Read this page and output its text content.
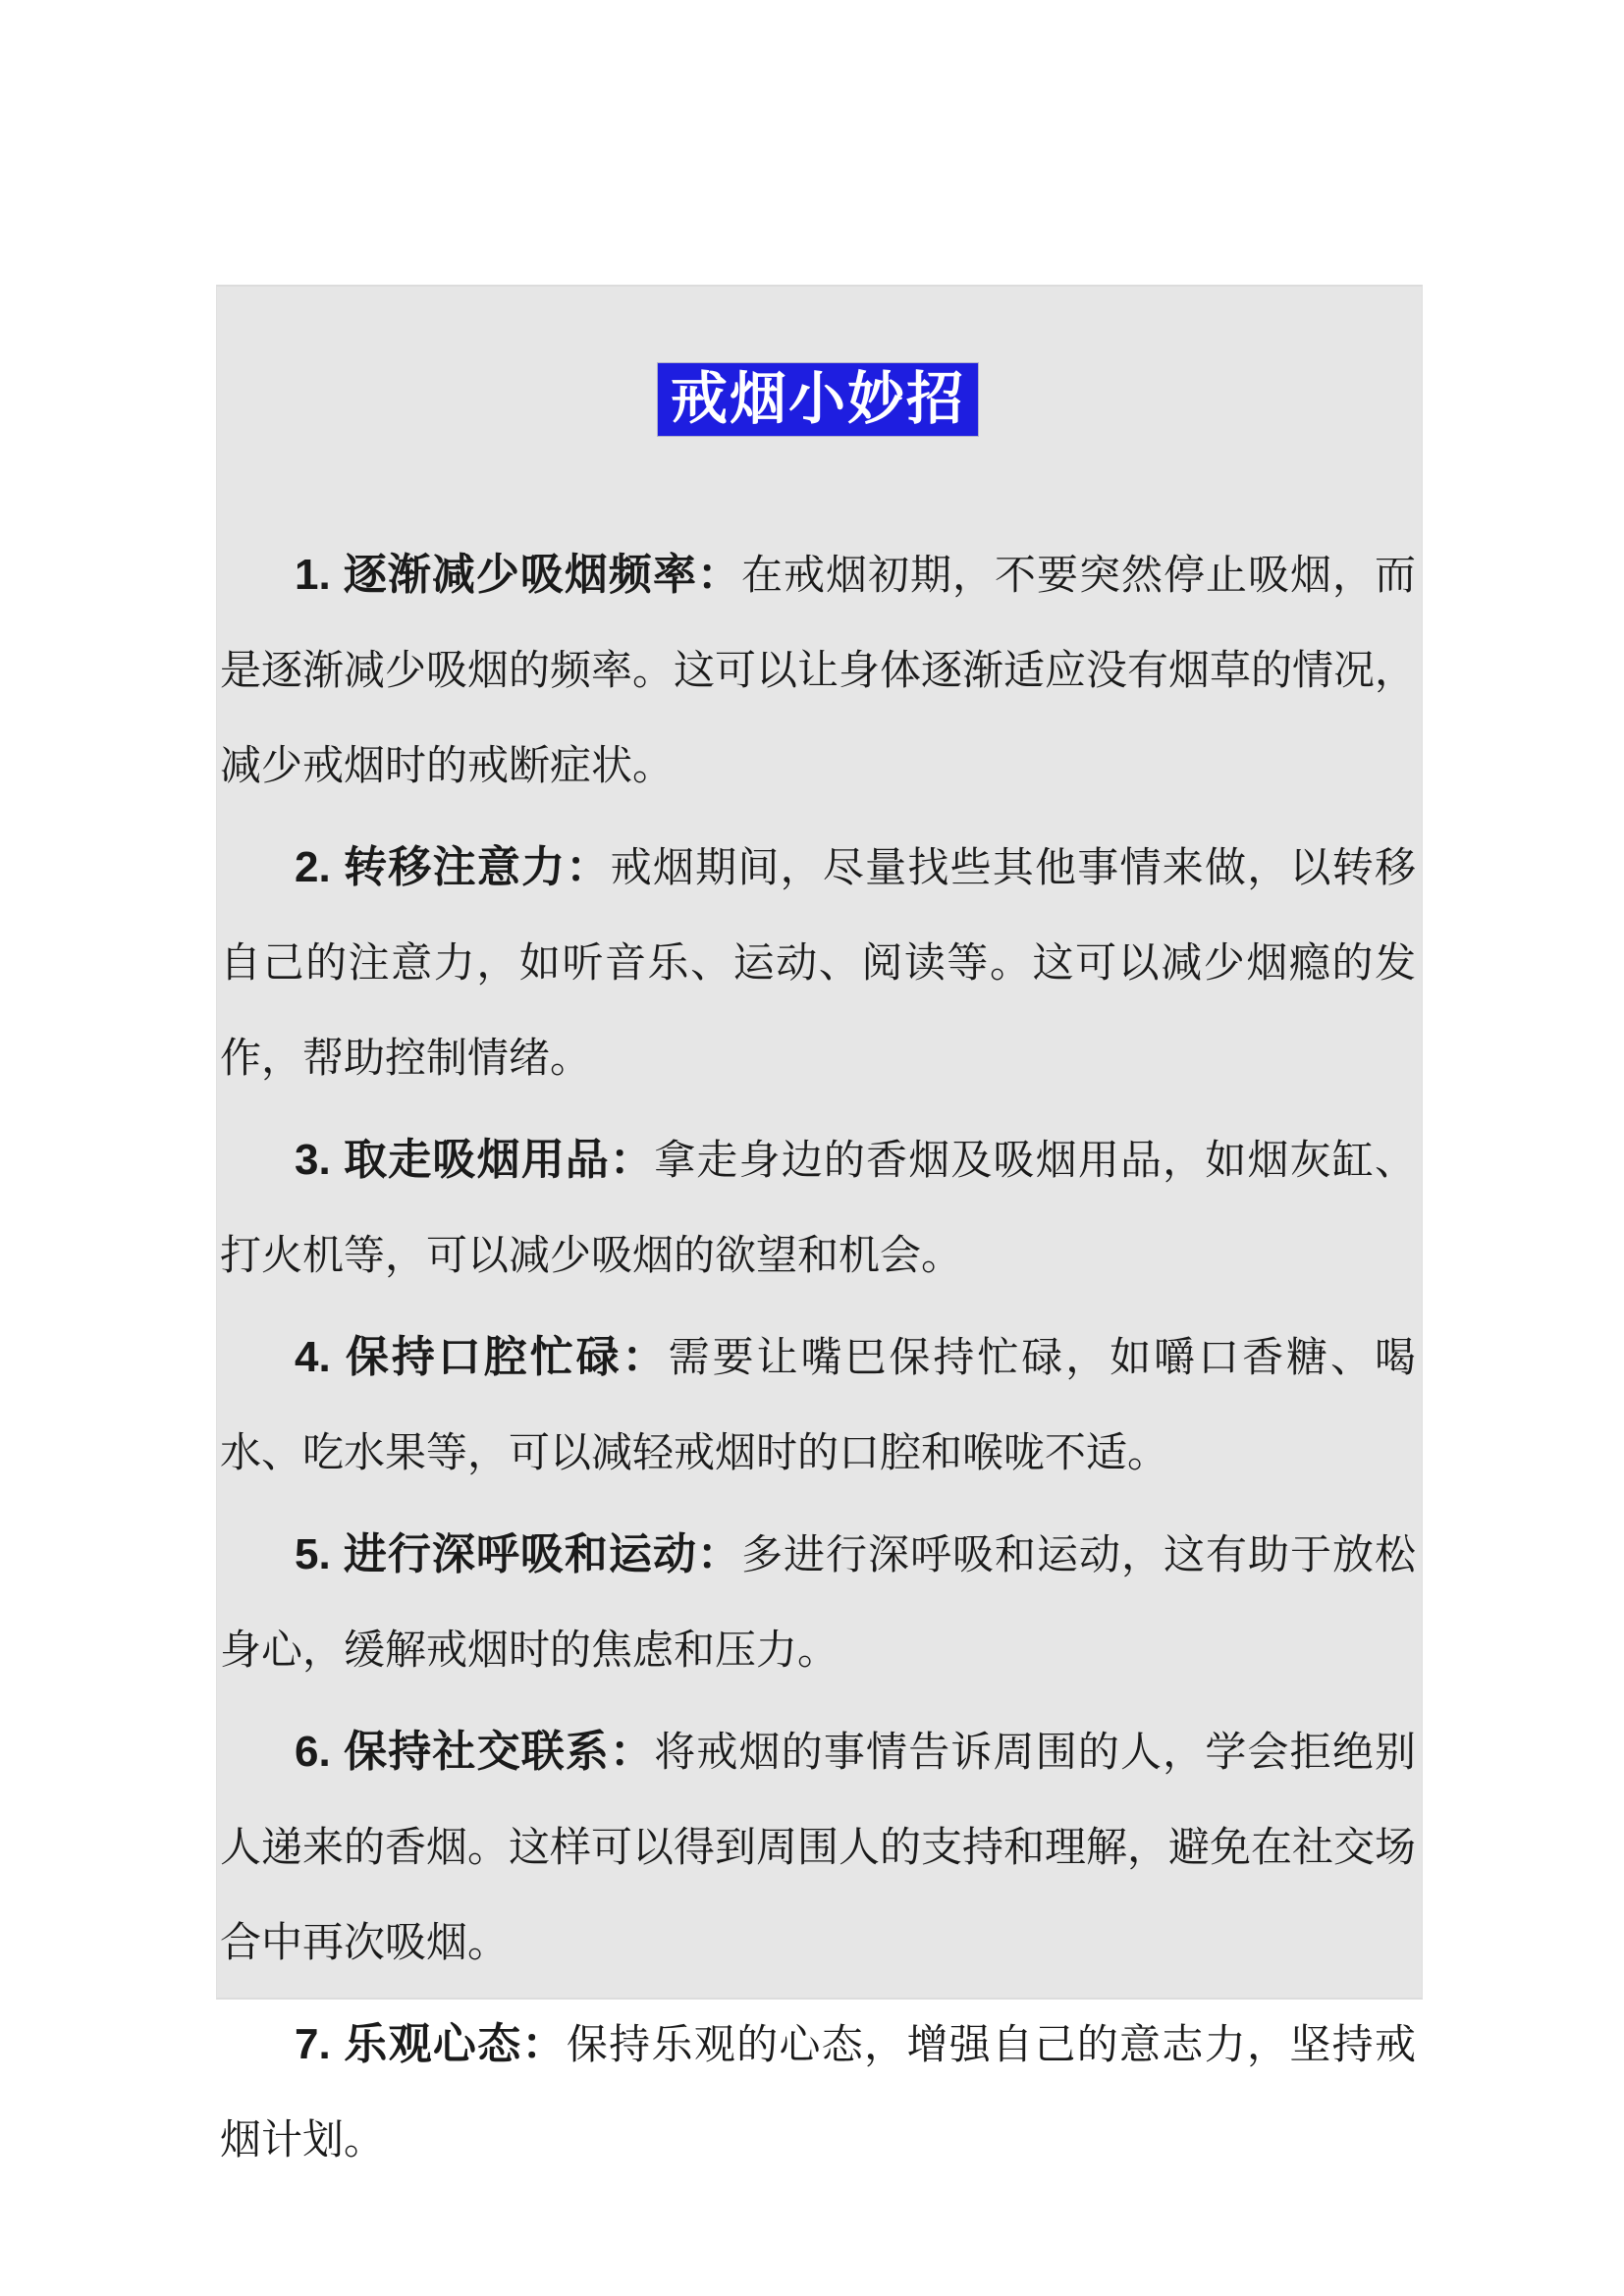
戒烟小妙招

1. 逐渐减少吸烟频率：在戒烟初期，不要突然停止吸烟，而是逐渐减少吸烟的频率。这可以让身体逐渐适应没有烟草的情况，减少戒烟时的戒断症状。

2. 转移注意力：戒烟期间，尽量找些其他事情来做，以转移自己的注意力，如听音乐、运动、阅读等。这可以减少烟瘾的发作，帮助控制情绪。

3. 取走吸烟用品：拿走身边的香烟及吸烟用品，如烟灰缸、打火机等，可以减少吸烟的欲望和机会。

4. 保持口腔忙碌：需要让嘴巴保持忙碌，如嚼口香糖、喝水、吃水果等，可以减轻戒烟时的口腔和喉咙不适。

5. 进行深呼吸和运动：多进行深呼吸和运动，这有助于放松身心，缓解戒烟时的焦虑和压力。

6. 保持社交联系：将戒烟的事情告诉周围的人，学会拒绝别人递来的香烟。这样可以得到周围人的支持和理解，避免在社交场合中再次吸烟。

7. 乐观心态：保持乐观的心态，增强自己的意志力，坚持戒烟计划。
